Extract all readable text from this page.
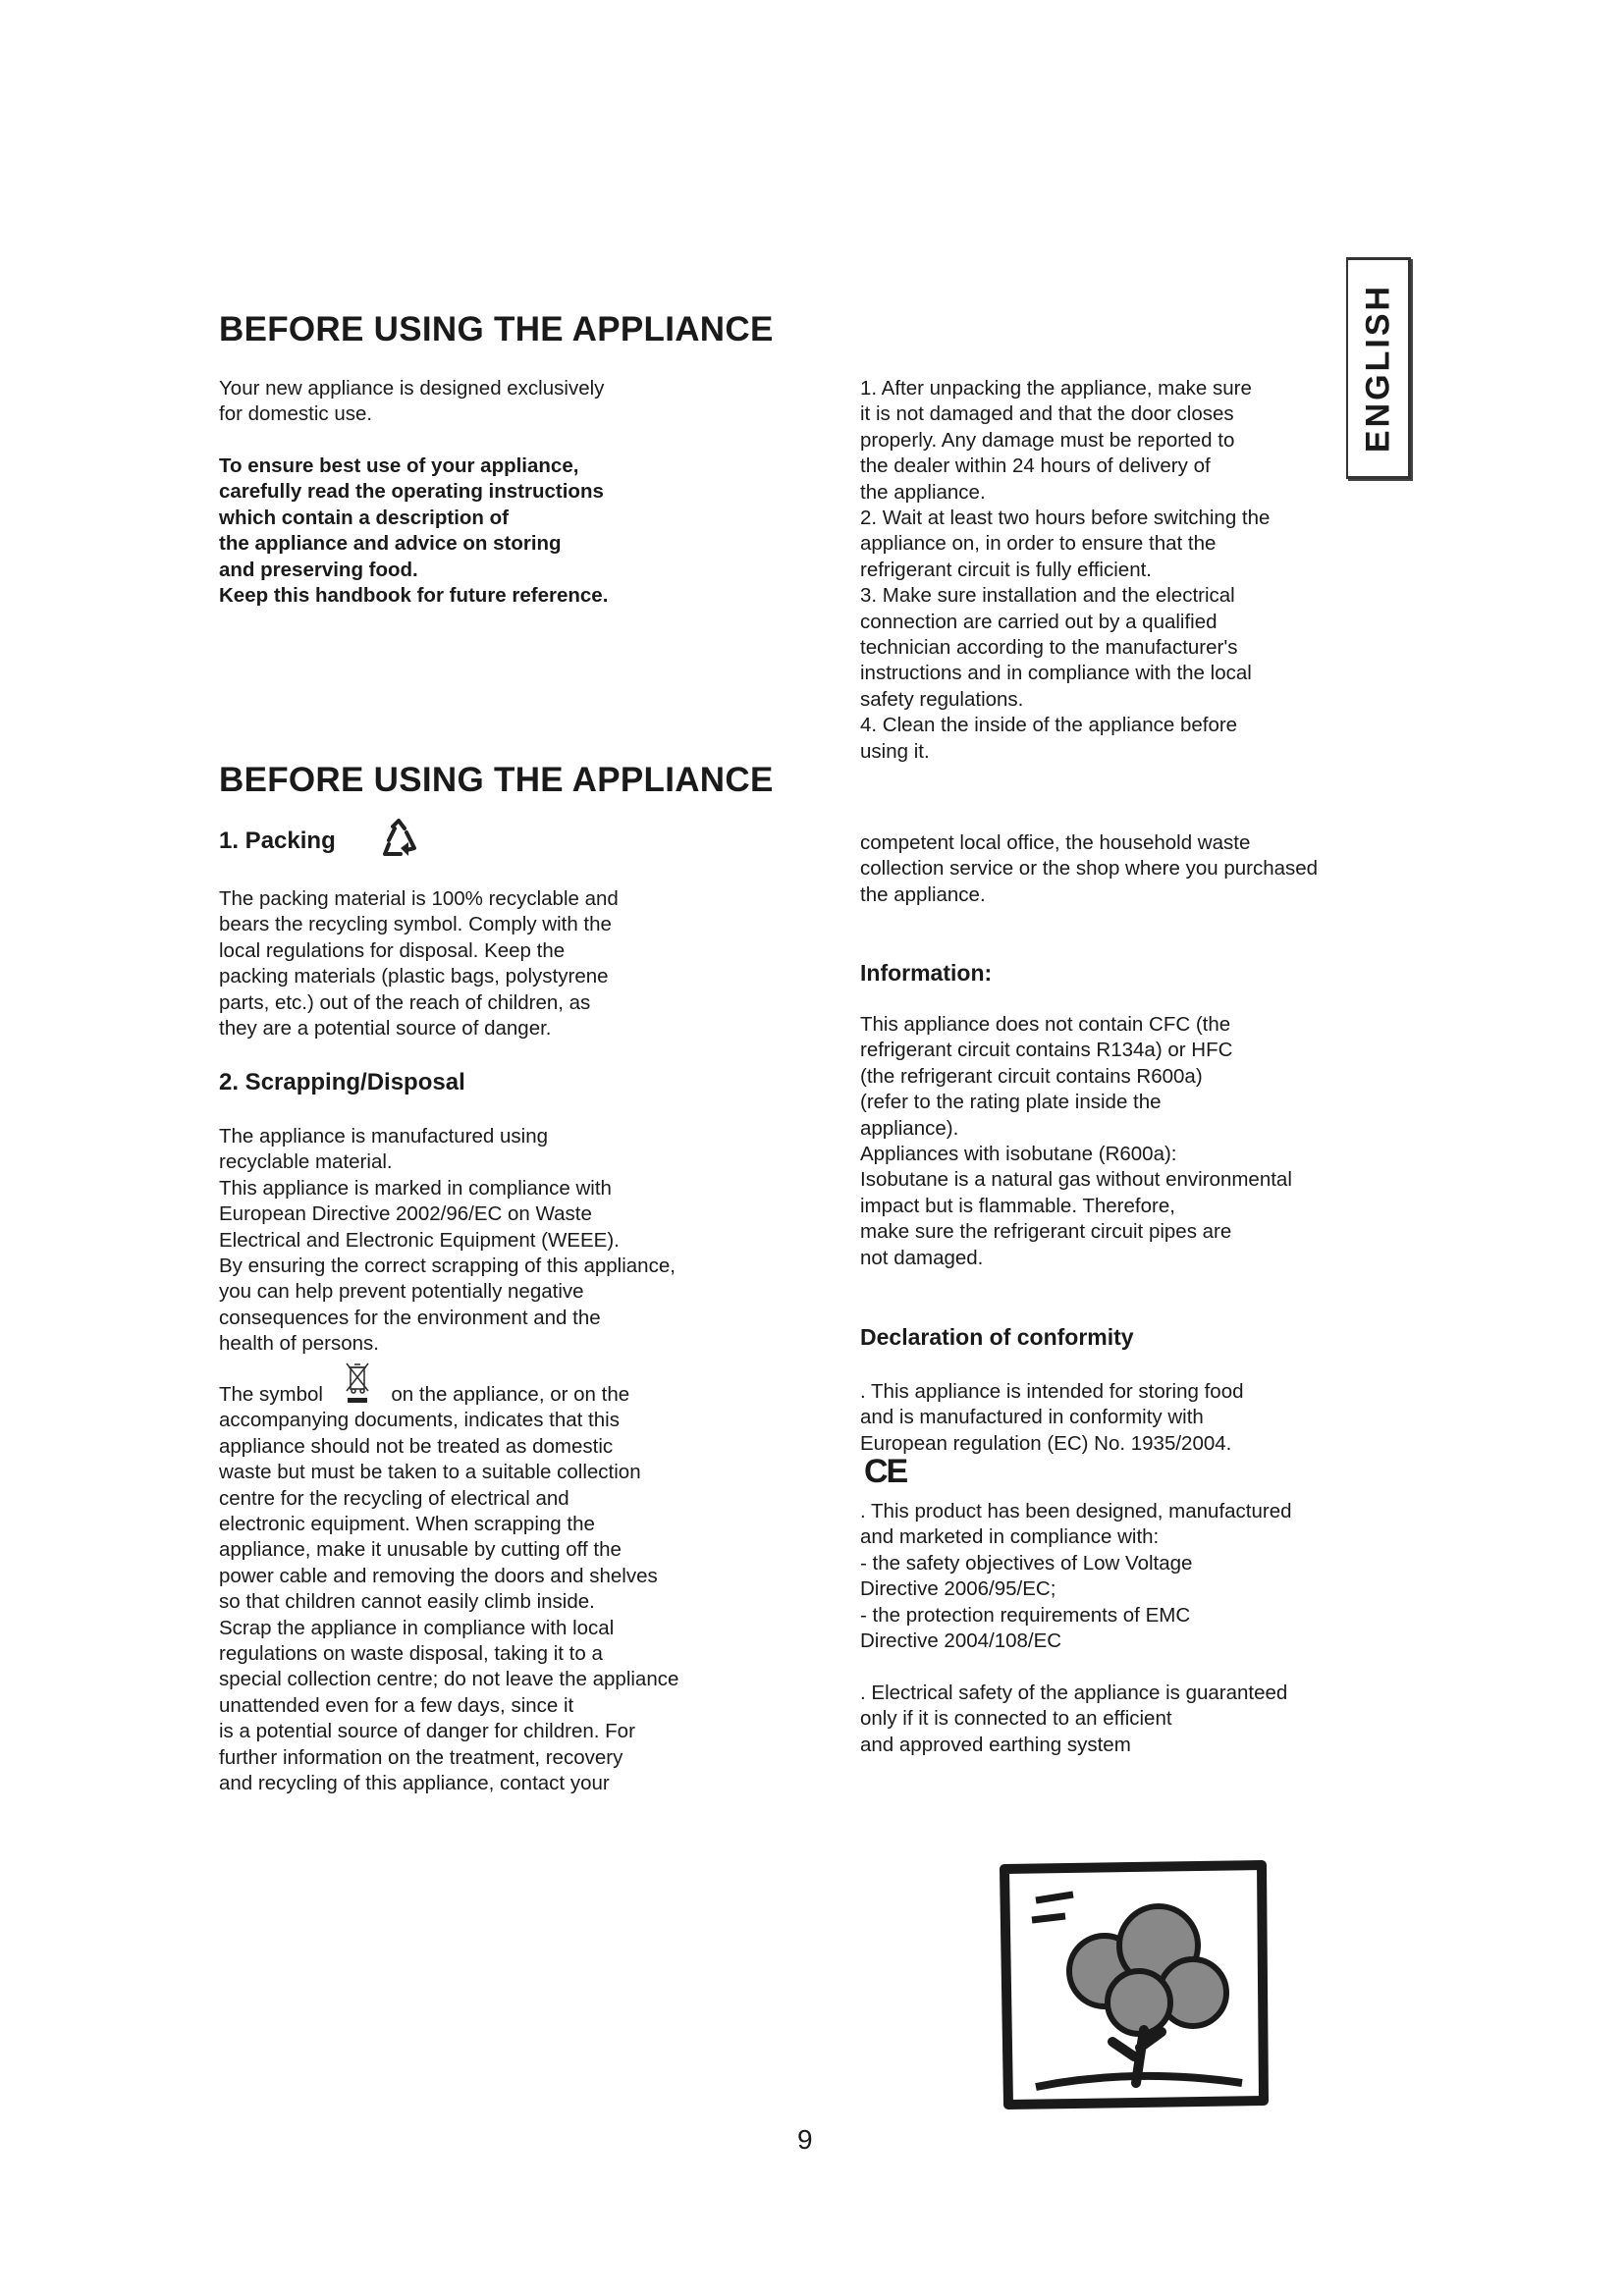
ENGLISH
BEFORE USING THE APPLIANCE
Your new appliance is designed exclusively
for domestic use.
To ensure best use of your appliance,
carefully read the operating instructions
which contain a description of
the appliance and advice on storing
and preserving food.
Keep this handbook for future reference.
BEFORE USING THE APPLIANCE
1. Packing
The packing material is 100% recyclable and
bears the recycling symbol. Comply with the
local regulations for disposal. Keep the
packing materials (plastic bags, polystyrene
parts, etc.) out of the reach of children, as
they are a potential source of danger.
2. Scrapping/Disposal
The appliance is manufactured using
recyclable material.
This appliance is marked in compliance with
European Directive 2002/96/EC on Waste
Electrical and Electronic Equipment (WEEE).
By ensuring the correct scrapping of this appliance,
you can help prevent potentially negative
consequences for the environment and the
health of persons.
The symbol	on the appliance, or on the
accompanying documents, indicates that this
appliance should not be treated as domestic
waste but must be taken to a suitable collection
centre for the recycling of electrical and
electronic equipment. When scrapping the
appliance, make it unusable by cutting off the
power cable and removing the doors and shelves
so that children cannot easily climb inside.
Scrap the appliance in compliance with local
regulations on waste disposal, taking it to a
special collection centre; do not leave the appliance
unattended even for a few days, since it
is a potential source of danger for children. For
further information on the treatment, recovery
and recycling of this appliance, contact your
1. After unpacking the appliance, make sure
it is not damaged and that the door closes
properly. Any damage must be reported to
the dealer within 24 hours of delivery of
the appliance.
2. Wait at least two hours before switching the
appliance on, in order to ensure that the
refrigerant circuit is fully efficient.
3. Make sure installation and the electrical
connection are carried out by a qualified
technician according to the manufacturer's
instructions and in compliance with the local
safety regulations.
4. Clean the inside of the appliance before
using it.
competent local office, the household waste
collection service or the shop where you purchased
the appliance.
Information:
This appliance does not contain CFC (the
refrigerant circuit contains R134a) or HFC
(the refrigerant circuit contains R600a)
(refer to the rating plate inside the
appliance).
Appliances with isobutane (R600a):
Isobutane is a natural gas without environmental
impact but is flammable. Therefore,
make sure the refrigerant circuit pipes are
not damaged.
Declaration of conformity
. This appliance is intended for storing food
and is manufactured in conformity with
European regulation (EC) No. 1935/2004.
CE
. This product has been designed, manufactured
and marketed in compliance with:
- the safety objectives of Low Voltage
Directive 2006/95/EC;
- the protection requirements of EMC
Directive 2004/108/EC
. Electrical safety of the appliance is guaranteed
only if it is connected to an efficient
and approved earthing system
9
